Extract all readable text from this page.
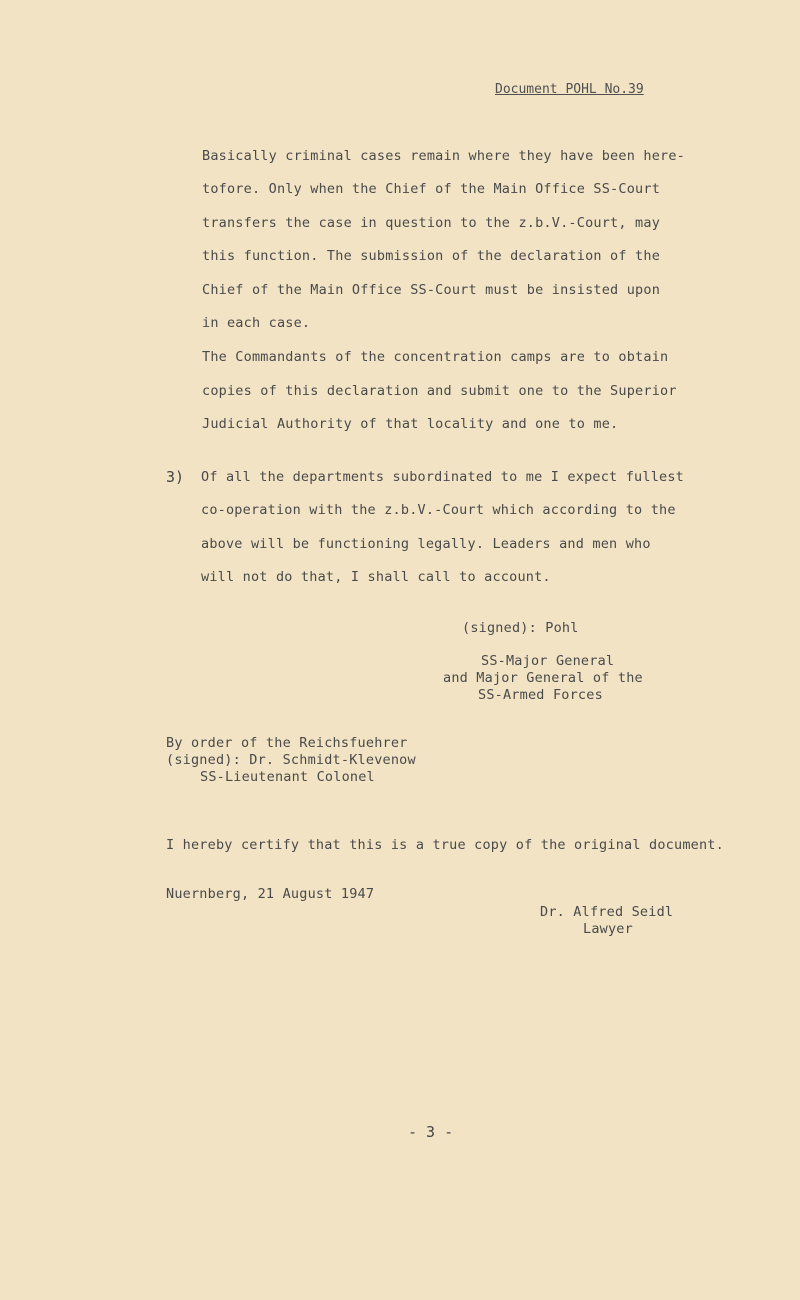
Document POHL No.39
Basically criminal cases remain where they have been here-
tofore. Only when the Chief of the Main Office SS-Court
transfers the case in question to the z.b.V.-Court, may
this function. The submission of the declaration of the
Chief of the Main Office SS-Court must be insisted upon
in each case.
The Commandants of the concentration camps are to obtain
copies of this declaration and submit one to the Superior
Judicial Authority of that locality and one to me.
3) Of all the departments subordinated to me I expect fullest
co-operation with the z.b.V.-Court which according to the
above will be functioning legally. Leaders and men who
will not do that, I shall call to account.
(signed): Pohl
SS-Major General
and Major General of the
SS-Armed Forces
By order of the Reichsfuehrer
(signed): Dr. Schmidt-Klevenow
SS-Lieutenant Colonel
I hereby certify that this is a true copy of the original document.
Nuernberg, 21 August 1947
Dr. Alfred Seidl
Lawyer
- 3 -
